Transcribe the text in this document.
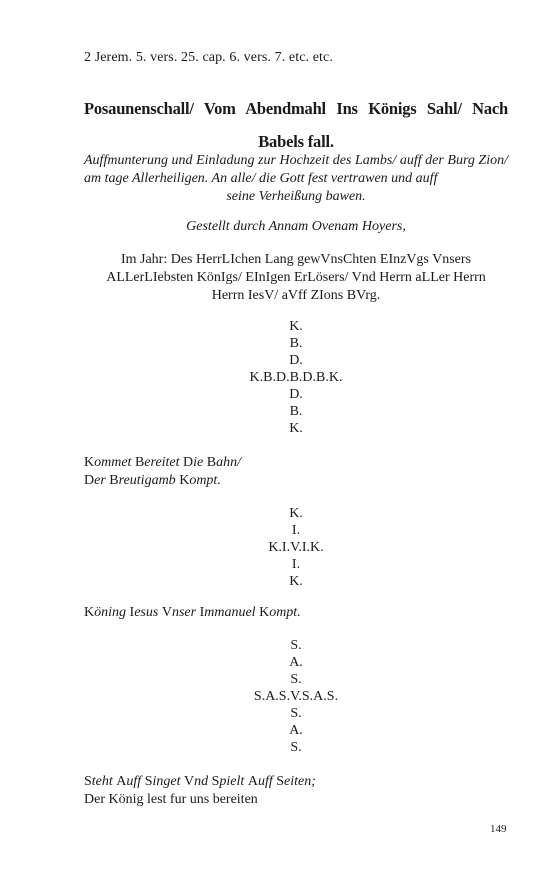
2 Jerem. 5. vers. 25. cap. 6. vers. 7. etc. etc.
Posaunenschall/ Vom Abendmahl Ins Königs Sahl/ Nach
Babels fall.
Auffmunterung und Einladung zur Hochzeit des Lambs/ auff der Burg Zion/ am tage Allerheiligen. An alle/ die Gott fest vertrawen und auff
seine Verheißung bawen.
Gestellt durch Annam Ovenam Hoyers,
Im Jahr: Des HerrLIchen Lang gewVnsChten EInzVgs Vnsers
ALLerLIebsten KönIgs/ EInIgen ErLösers/ Vnd Herrn aLLer Herrn
Herrn IesV/ aVff ZIons BVrg.
K.
B.
D.
K.B.D.B.D.B.K.
D.
B.
K.
Kommet Bereitet Die Bahn/
Der Breutigamb Kompt.
K.
I.
K.I.V.I.K.
I.
K.
Köning Iesus Vnser Immanuel Kompt.
S.
A.
S.
S.A.S.V.S.A.S.
S.
A.
S.
Steht Auff Singet Vnd Spielt Auff Seiten;
Der König lest fur uns bereiten
149
